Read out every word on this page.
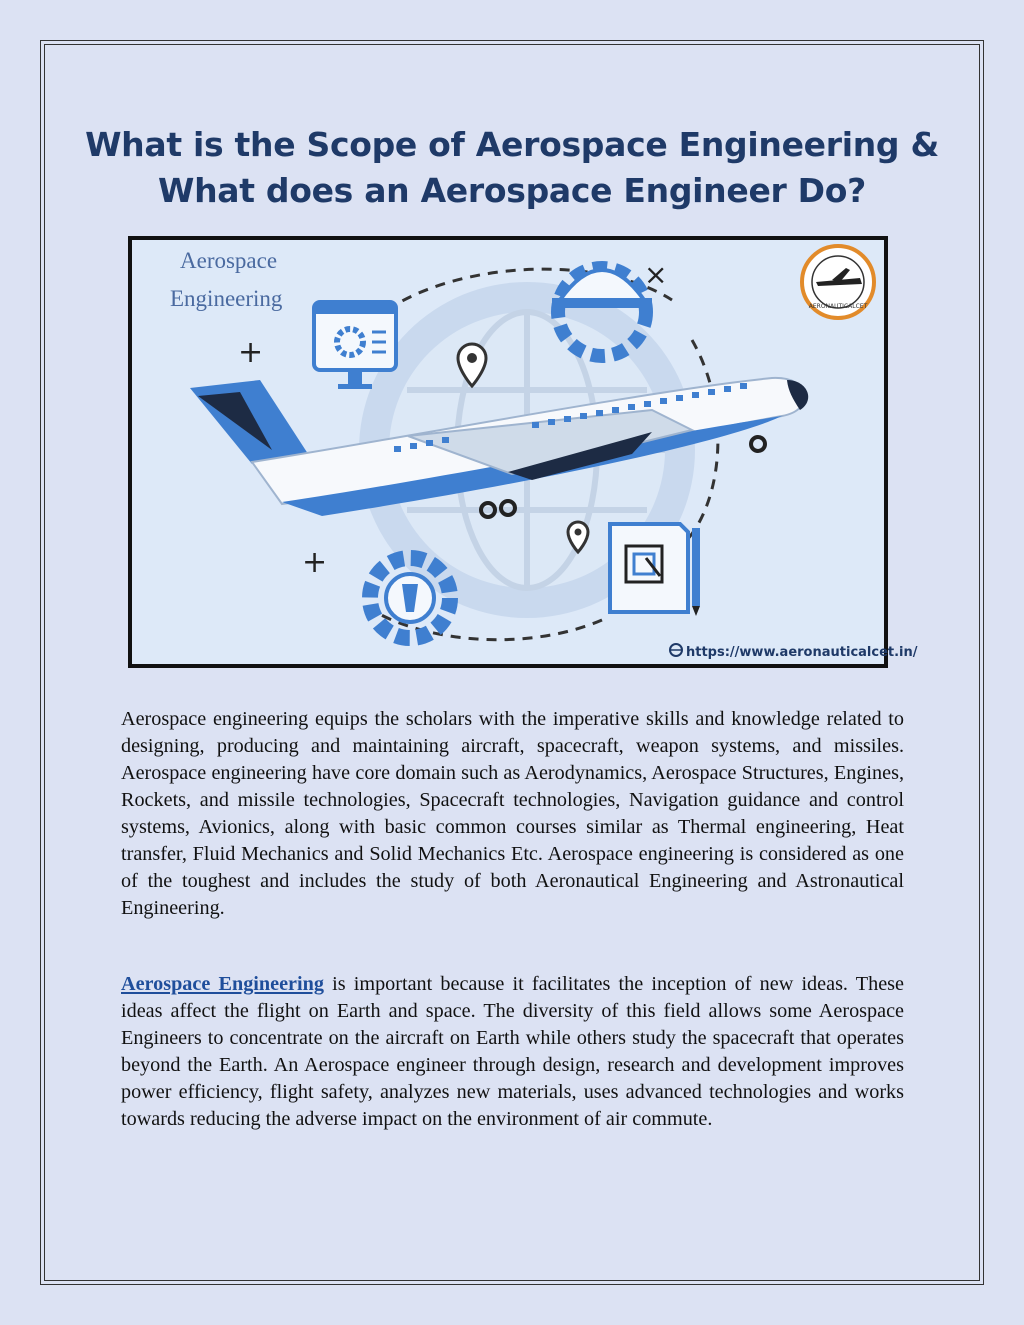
What is the Scope of Aerospace Engineering &
What does an Aerospace Engineer Do?
Aerospace
Engineering
+
×
+
AERONAUTICALCET
https://www.aeronauticalcet.in/

Aerospace engineering equips the scholars with the imperative skills and knowledge related to designing, producing and maintaining aircraft, spacecraft, weapon systems, and missiles. Aerospace engineering have core domain such as Aerodynamics, Aerospace Structures, Engines, Rockets, and missile technologies, Spacecraft technologies, Navigation guidance and control systems, Avionics, along with basic common courses similar as Thermal engineering, Heat transfer, Fluid Mechanics and Solid Mechanics Etc. Aerospace engineering is considered as one of the toughest and includes the study of both Aeronautical Engineering and Astronautical Engineering.

Aerospace Engineering is important because it facilitates the inception of new ideas. These ideas affect the flight on Earth and space. The diversity of this field allows some Aerospace Engineers to concentrate on the aircraft on Earth while others study the spacecraft that operates beyond the Earth. An Aerospace engineer through design, research and development improves power efficiency, flight safety, analyzes new materials, uses advanced technologies and works towards reducing the adverse impact on the environment of air commute.
